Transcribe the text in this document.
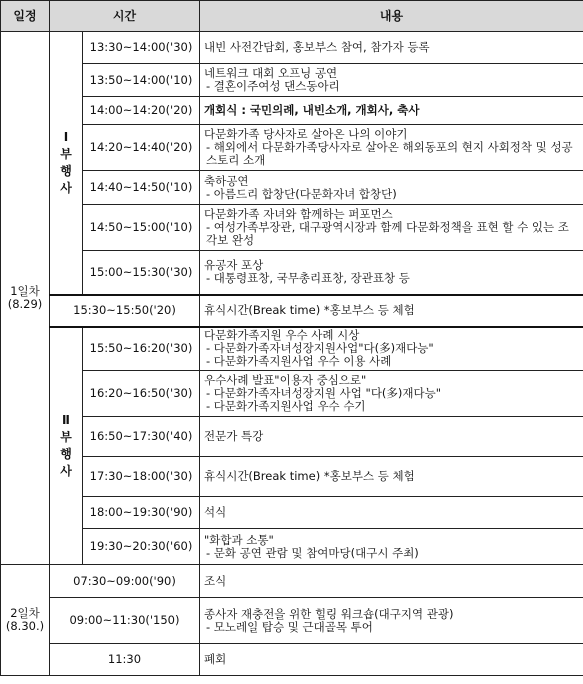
일정	시간		내용
1일차
(8.29)	Ⅰ
부
행
사	13:30~14:00('30)	내빈 사전간담회, 홍보부스 참여, 참가자 등록

		13:50~14:00('10)	네트워크 대회 오프닝 공연
- 결혼이주여성 댄스동아리

		14:00~14:20('20)	개회식 : 국민의례, 내빈소개, 개회사, 축사

		14:20~14:40('20)	다문화가족 당사자로 살아온 나의 이야기
- 해외에서 다문화가족당사자로 살아온 해외동포의 현지 사회정착 및 성공스토리 소개

		14:40~14:50('10)	축하공연
- 아름드리 합창단(다문화자녀 합창단)

		14:50~15:00('10)	다문화가족 자녀와 함께하는 퍼포먼스
- 여성가족부장관, 대구광역시장과 함께 다문화정책을 표현 할 수 있는 조각보 완성

		15:00~15:30('30)	유공자 포상
- 대통령표창, 국무총리표창, 장관표창 등

	15:30~15:50('20)		휴식시간(Break time) *홍보부스 등 체험

	Ⅱ
부
행
사	15:50~16:20('30)	다문화가족지원 우수 사례 시상
- 다문화가족자녀성장지원사업"다(多)재다능"
- 다문화가족지원사업 우수 이용 사례

		16:20~16:50('30)	우수사례 발표"이용자 중심으로"
- 다문화가족자녀성장지원 사업 "다(多)재다능"
- 다문화가족지원사업 우수 수기

		16:50~17:30('40)	전문가 특강

		17:30~18:00('30)	휴식시간(Break time) *홍보부스 등 체험

		18:00~19:30('90)	석식

		19:30~20:30('60)	"화합과 소통"
- 문화 공연 관람 및 참여마당(대구시 주최)

2일차
(8.30.)	07:30~09:00('90)		조식

	09:00~11:30('150)		종사자 재충전을 위한 힐링 워크숍(대구지역 관광)
- 모노레일 탑승 및 근대골목 투어

	11:30		폐회
